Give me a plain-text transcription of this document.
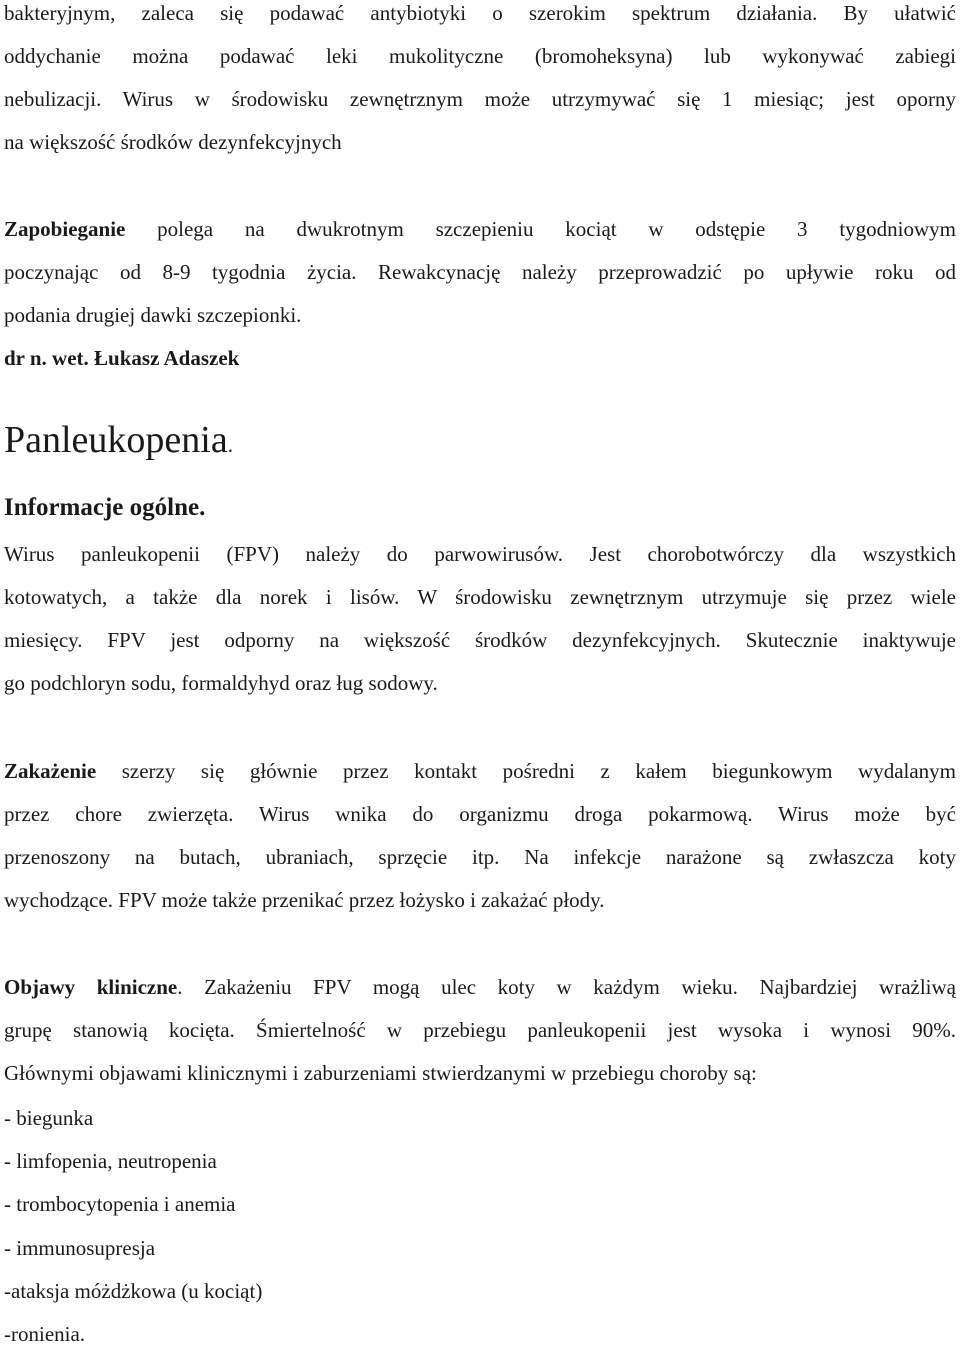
bakteryjnym, zaleca się podawać antybiotyki o szerokim spektrum działania. By ułatwić
oddychanie można podawać leki mukolityczne (bromoheksyna) lub wykonywać zabiegi
nebulizacji. Wirus w środowisku zewnętrznym może utrzymywać się 1 miesiąc; jest oporny
na większość środków dezynfekcyjnych
Zapobieganie polega na dwukrotnym szczepieniu kociąt w odstępie 3 tygodniowym
poczynając od 8-9 tygodnia życia. Rewakcynację należy przeprowadzić po upływie roku od
podania drugiej dawki szczepionki.
dr n. wet. Łukasz Adaszek
Panleukopenia.
Informacje ogólne.
Wirus panleukopenii (FPV) należy do parwowirusów. Jest chorobotwórczy dla wszystkich
kotowatych, a także dla norek i lisów. W środowisku zewnętrznym utrzymuje się przez wiele
miesięcy. FPV jest odporny na większość środków dezynfekcyjnych. Skutecznie inaktywuje
go podchloryn sodu, formaldyhyd oraz ług sodowy.
Zakażenie szerzy się głównie przez kontakt pośredni z kałem biegunkowym wydalanym
przez chore zwierzęta. Wirus wnika do organizmu droga pokarmową. Wirus może być
przenoszony na butach, ubraniach, sprzęcie itp. Na infekcje narażone są zwłaszcza koty
wychodzące. FPV może także przenikać przez łożysko i zakażać płody.
Objawy kliniczne. Zakażeniu FPV mogą ulec koty w każdym wieku. Najbardziej wrażliwą
grupę stanowią kocięta. Śmiertelność w przebiegu panleukopenii jest wysoka i wynosi 90%.
Głównymi objawami klinicznymi i zaburzeniami stwierdzanymi w przebiegu choroby są:
- biegunka
- limfopenia, neutropenia
- trombocytopenia i anemia
- immunosupresja
-ataksja móżdżkowa (u kociąt)
-ronienia.
